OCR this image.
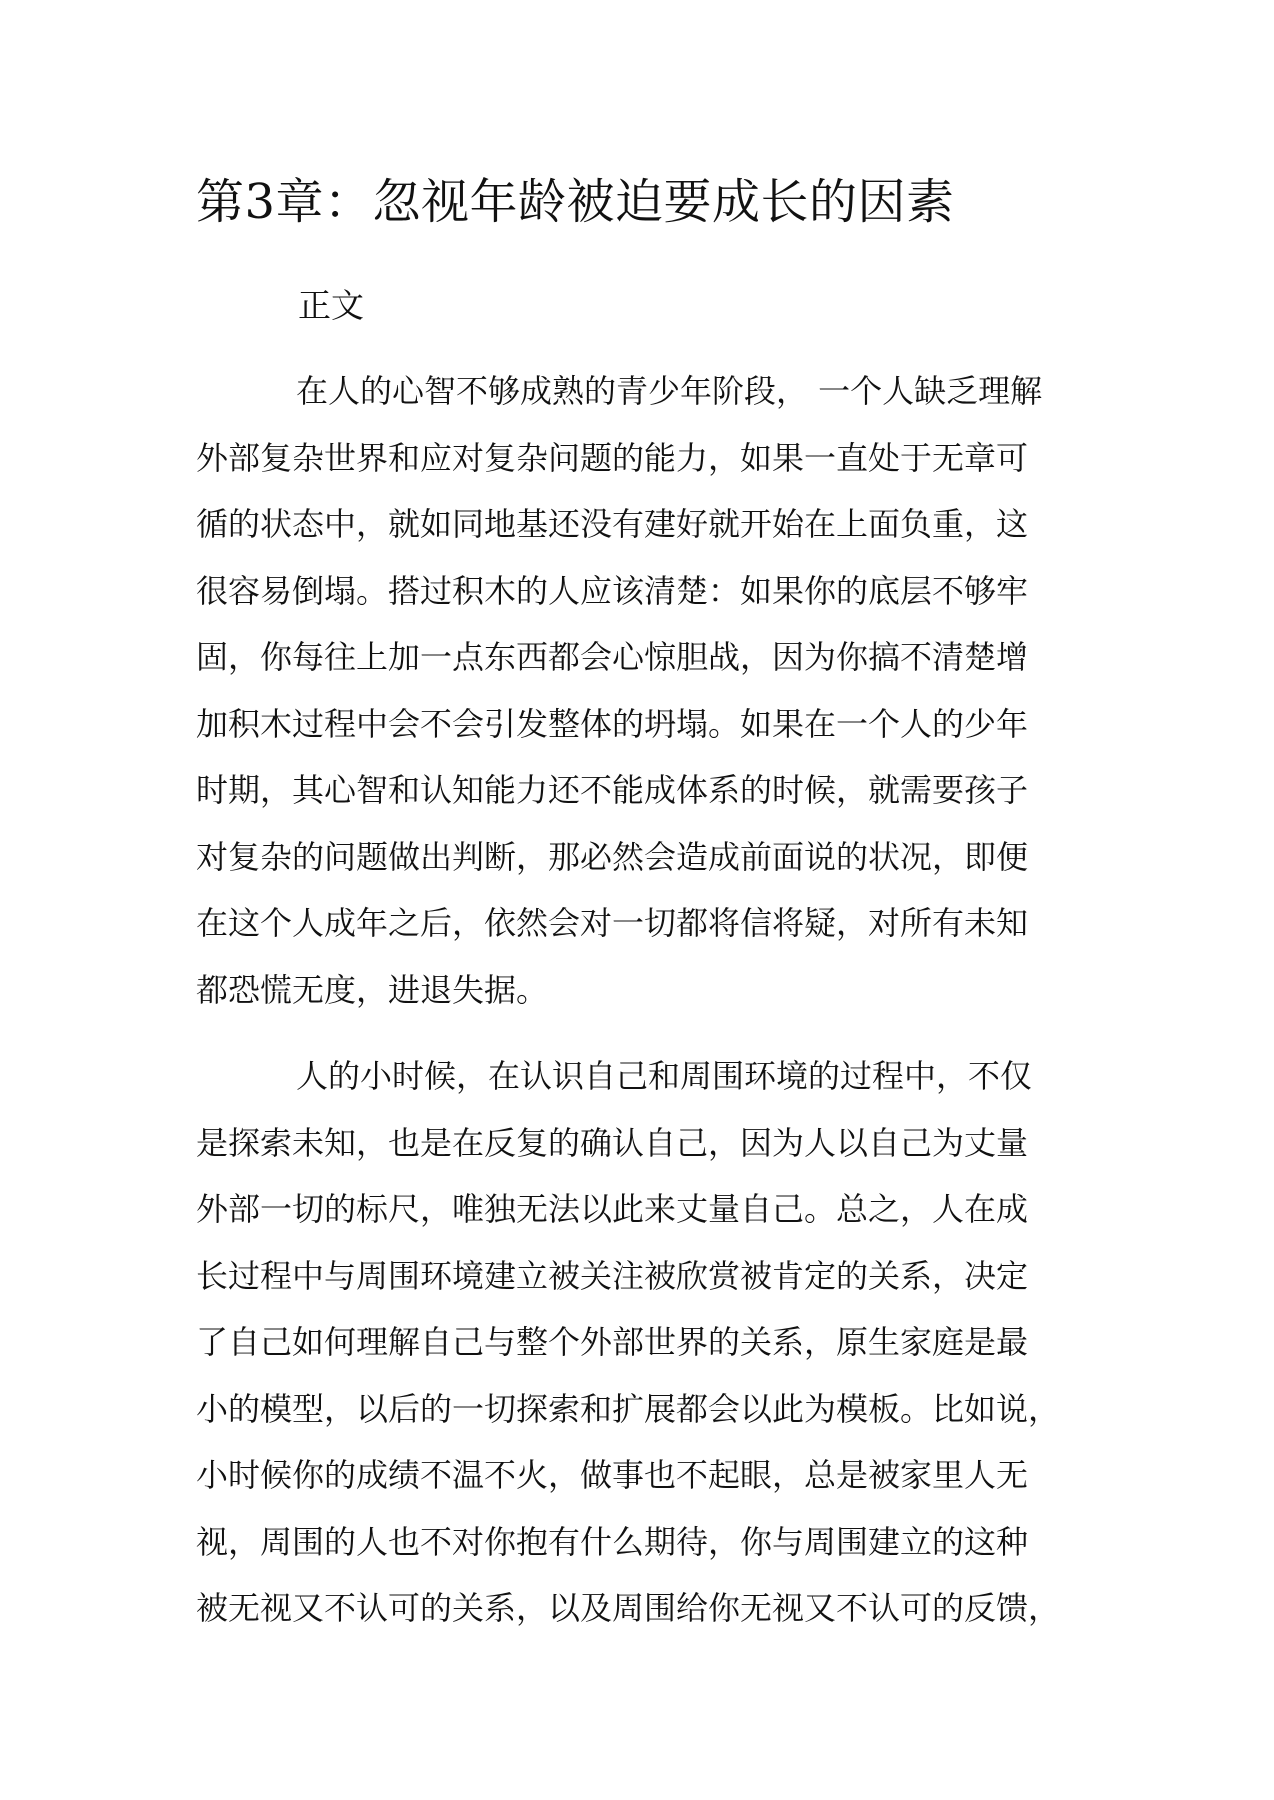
第3章：忽视年龄被迫要成长的因素
正文
在人的心智不够成熟的青少年阶段， 一个人缺乏理解
外部复杂世界和应对复杂问题的能力，如果一直处于无章可
循的状态中，就如同地基还没有建好就开始在上面负重，这
很容易倒塌。搭过积木的人应该清楚：如果你的底层不够牢
固，你每往上加一点东西都会心惊胆战，因为你搞不清楚增
加积木过程中会不会引发整体的坍塌。如果在一个人的少年
时期，其心智和认知能力还不能成体系的时候，就需要孩子
对复杂的问题做出判断，那必然会造成前面说的状况，即便
在这个人成年之后，依然会对一切都将信将疑，对所有未知
都恐慌无度，进退失据。
人的小时候，在认识自己和周围环境的过程中，不仅
是探索未知，也是在反复的确认自己，因为人以自己为丈量
外部一切的标尺，唯独无法以此来丈量自己。总之，人在成
长过程中与周围环境建立被关注被欣赏被肯定的关系，决定
了自己如何理解自己与整个外部世界的关系，原生家庭是最
小的模型，以后的一切探索和扩展都会以此为模板。比如说，
小时候你的成绩不温不火，做事也不起眼，总是被家里人无
视，周围的人也不对你抱有什么期待，你与周围建立的这种
被无视又不认可的关系，以及周围给你无视又不认可的反馈，
